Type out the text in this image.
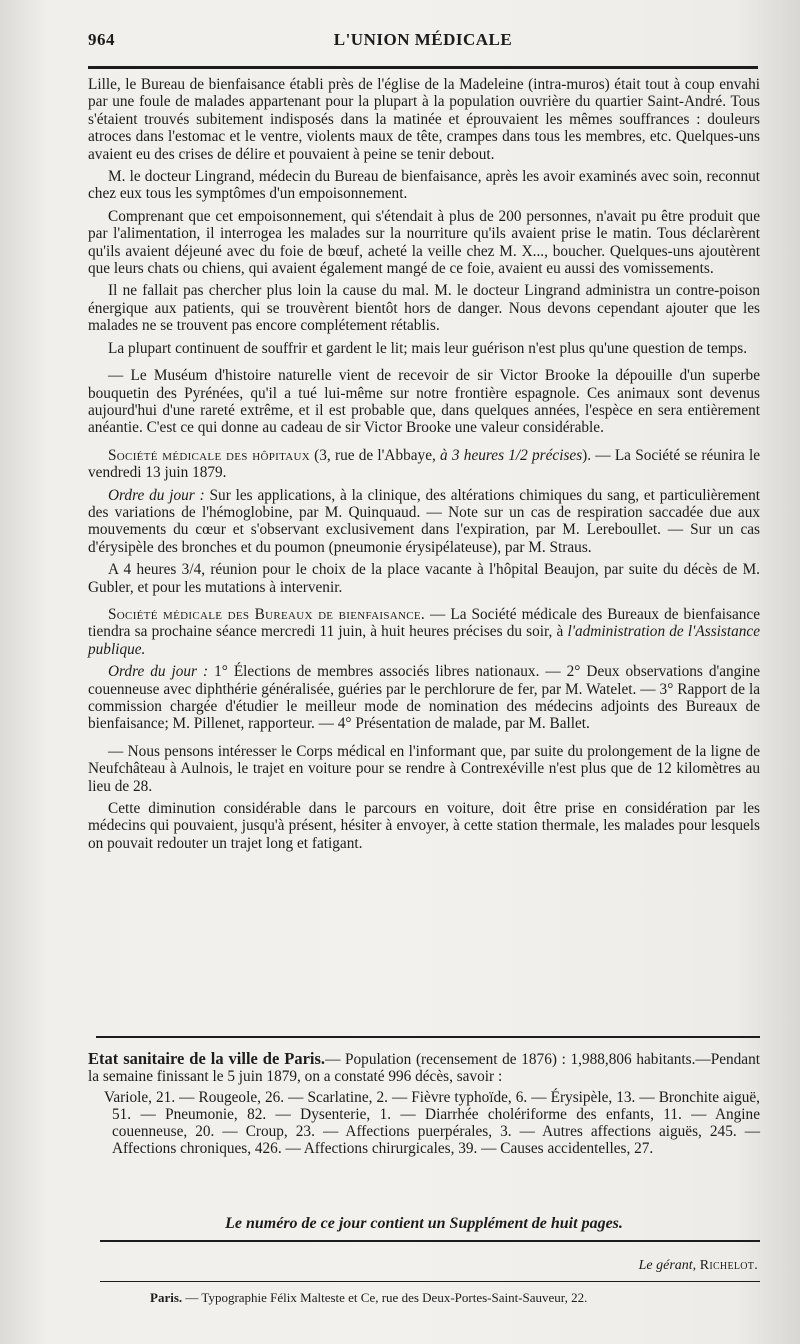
964	L'UNION MÉDICALE

Lille, le Bureau de bienfaisance établi près de l'église de la Madeleine (intra-muros) était tout à coup envahi par une foule de malades appartenant pour la plupart à la population ouvrière du quartier Saint-André. Tous s'étaient trouvés subitement indisposés dans la matinée et éprouvaient les mêmes souffrances : douleurs atroces dans l'estomac et le ventre, violents maux de tête, crampes dans tous les membres, etc. Quelques-uns avaient eu des crises de délire et pouvaient à peine se tenir debout.

M. le docteur Lingrand, médecin du Bureau de bienfaisance, après les avoir examinés avec soin, reconnut chez eux tous les symptômes d'un empoisonnement.

Comprenant que cet empoisonnement, qui s'étendait à plus de 200 personnes, n'avait pu être produit que par l'alimentation, il interrogea les malades sur la nourriture qu'ils avaient prise le matin. Tous déclarèrent qu'ils avaient déjeuné avec du foie de bœuf, acheté la veille chez M. X..., boucher. Quelques-uns ajoutèrent que leurs chats ou chiens, qui avaient également mangé de ce foie, avaient eu aussi des vomissements.

Il ne fallait pas chercher plus loin la cause du mal. M. le docteur Lingrand administra un contre-poison énergique aux patients, qui se trouvèrent bientôt hors de danger. Nous devons cependant ajouter que les malades ne se trouvent pas encore complétement rétablis.

La plupart continuent de souffrir et gardent le lit; mais leur guérison n'est plus qu'une question de temps.

— Le Muséum d'histoire naturelle vient de recevoir de sir Victor Brooke la dépouille d'un superbe bouquetin des Pyrénées, qu'il a tué lui-même sur notre frontière espagnole. Ces animaux sont devenus aujourd'hui d'une rareté extrême, et il est probable que, dans quelques années, l'espèce en sera entièrement anéantie. C'est ce qui donne au cadeau de sir Victor Brooke une valeur considérable.

Société médicale des hôpitaux (3, rue de l'Abbaye, à 3 heures 1/2 précises). — La Société se réunira le vendredi 13 juin 1879.

Ordre du jour : Sur les applications, à la clinique, des altérations chimiques du sang, et particulièrement des variations de l'hémoglobine, par M. Quinquaud. — Note sur un cas de respiration saccadée due aux mouvements du cœur et s'observant exclusivement dans l'expiration, par M. Lereboullet. — Sur un cas d'érysipèle des bronches et du poumon (pneumonie érysipélateuse), par M. Straus.

A 4 heures 3/4, réunion pour le choix de la place vacante à l'hôpital Beaujon, par suite du décès de M. Gubler, et pour les mutations à intervenir.

Société médicale des Bureaux de bienfaisance. — La Société médicale des Bureaux de bienfaisance tiendra sa prochaine séance mercredi 11 juin, à huit heures précises du soir, à l'administration de l'Assistance publique.

Ordre du jour : 1° Élections de membres associés libres nationaux. — 2° Deux observations d'angine couenneuse avec diphthérie généralisée, guéries par le perchlorure de fer, par M. Watelet. — 3° Rapport de la commission chargée d'étudier le meilleur mode de nomination des médecins adjoints des Bureaux de bienfaisance; M. Pillenet, rapporteur. — 4° Présentation de malade, par M. Ballet.

— Nous pensons intéresser le Corps médical en l'informant que, par suite du prolongement de la ligne de Neufchâteau à Aulnois, le trajet en voiture pour se rendre à Contrexéville n'est plus que de 12 kilomètres au lieu de 28.

Cette diminution considérable dans le parcours en voiture, doit être prise en considération par les médecins qui pouvaient, jusqu'à présent, hésiter à envoyer, à cette station thermale, les malades pour lesquels on pouvait redouter un trajet long et fatigant.

Etat sanitaire de la ville de Paris.— Population (recensement de 1876) : 1,988,806 habitants.—Pendant la semaine finissant le 5 juin 1879, on a constaté 996 décès, savoir :

Variole, 21. — Rougeole, 26. — Scarlatine, 2. — Fièvre typhoïde, 6. — Érysipèle, 13. — Bronchite aiguë, 51. — Pneumonie, 82. — Dysenterie, 1. — Diarrhée cholériforme des enfants, 11. — Angine couenneuse, 20. — Croup, 23. — Affections puerpérales, 3. — Autres affections aiguës, 245. — Affections chroniques, 426. — Affections chirurgicales, 39. — Causes accidentelles, 27.

Le numéro de ce jour contient un Supplément de huit pages.
Le gérant, Richelot.
Paris. — Typographie Félix Malteste et Ce, rue des Deux-Portes-Saint-Sauveur, 22.
